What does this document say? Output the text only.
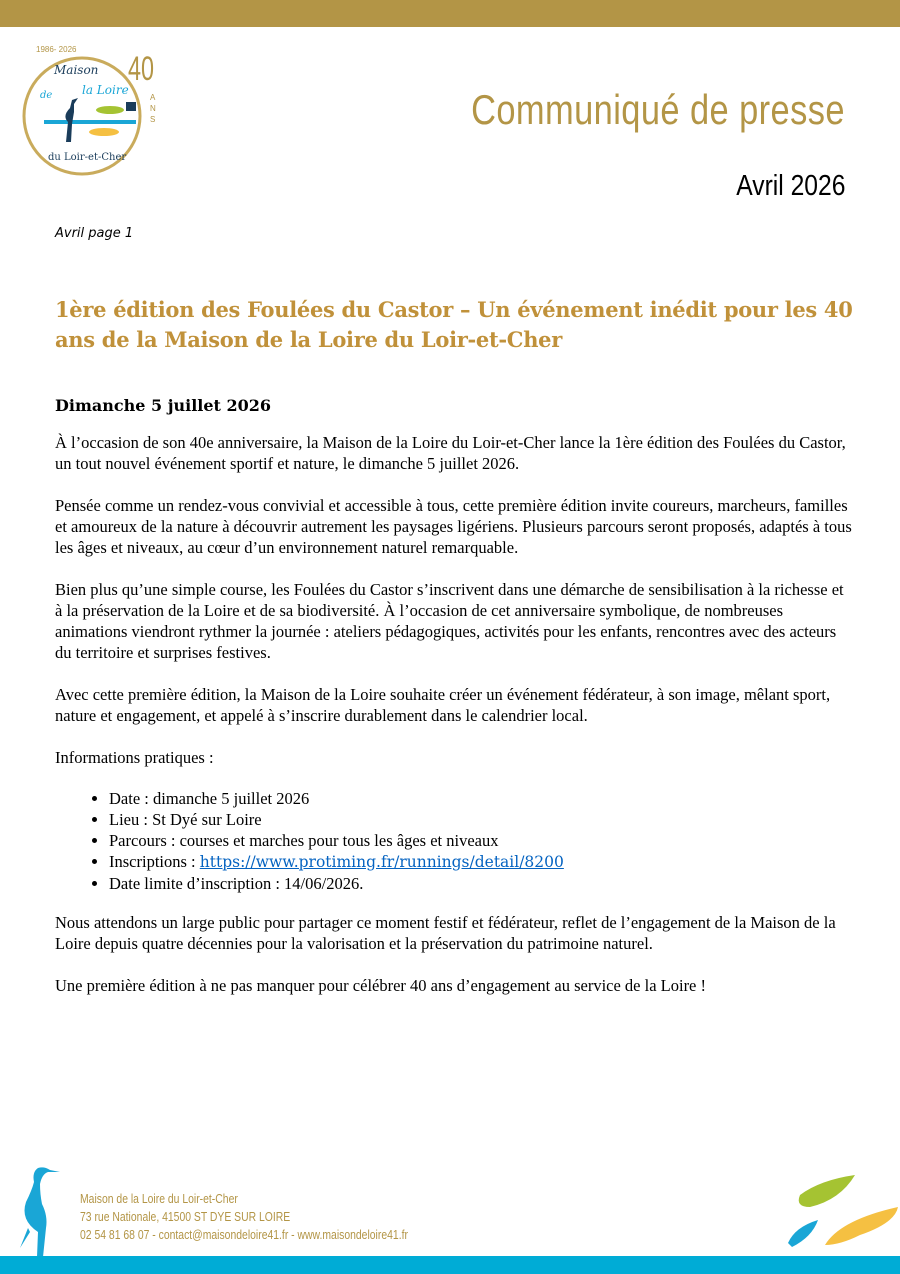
1986- 2026
40
A
N
S
Maison
de la Loire
du Loir-et-Cher
Communiqué de presse
Avril 2026
Avril page 1
1ère édition des Foulées du Castor – Un événement inédit pour les 40 ans de la Maison de la Loire du Loir-et-Cher
Dimanche 5 juillet 2026

À l’occasion de son 40e anniversaire, la Maison de la Loire du Loir-et-Cher lance la 1ère édition des Foulées du Castor, un tout nouvel événement sportif et nature, le dimanche 5 juillet 2026.

Pensée comme un rendez-vous convivial et accessible à tous, cette première édition invite coureurs, marcheurs, familles et amoureux de la nature à découvrir autrement les paysages ligériens. Plusieurs parcours seront proposés, adaptés à tous les âges et niveaux, au cœur d’un environnement naturel remarquable.

Bien plus qu’une simple course, les Foulées du Castor s’inscrivent dans une démarche de sensibilisation à la richesse et à la préservation de la Loire et de sa biodiversité. À l’occasion de cet anniversaire symbolique, de nombreuses animations viendront rythmer la journée : ateliers pédagogiques, activités pour les enfants, rencontres avec des acteurs du territoire et surprises festives.

Avec cette première édition, la Maison de la Loire souhaite créer un événement fédérateur, à son image, mêlant sport, nature et engagement, et appelé à s’inscrire durablement dans le calendrier local.

Informations pratiques :

• Date : dimanche 5 juillet 2026
• Lieu : St Dyé sur Loire
• Parcours : courses et marches pour tous les âges et niveaux
• Inscriptions : https://www.protiming.fr/runnings/detail/8200
• Date limite d’inscription : 14/06/2026.

Nous attendons un large public pour partager ce moment festif et fédérateur, reflet de l’engagement de la Maison de la Loire depuis quatre décennies pour la valorisation et la préservation du patrimoine naturel.

Une première édition à ne pas manquer pour célébrer 40 ans d’engagement au service de la Loire !

Maison de la Loire du Loir-et-Cher
73 rue Nationale, 41500 ST DYE SUR LOIRE
02 54 81 68 07 - contact@maisondeloire41.fr - www.maisondeloire41.fr
